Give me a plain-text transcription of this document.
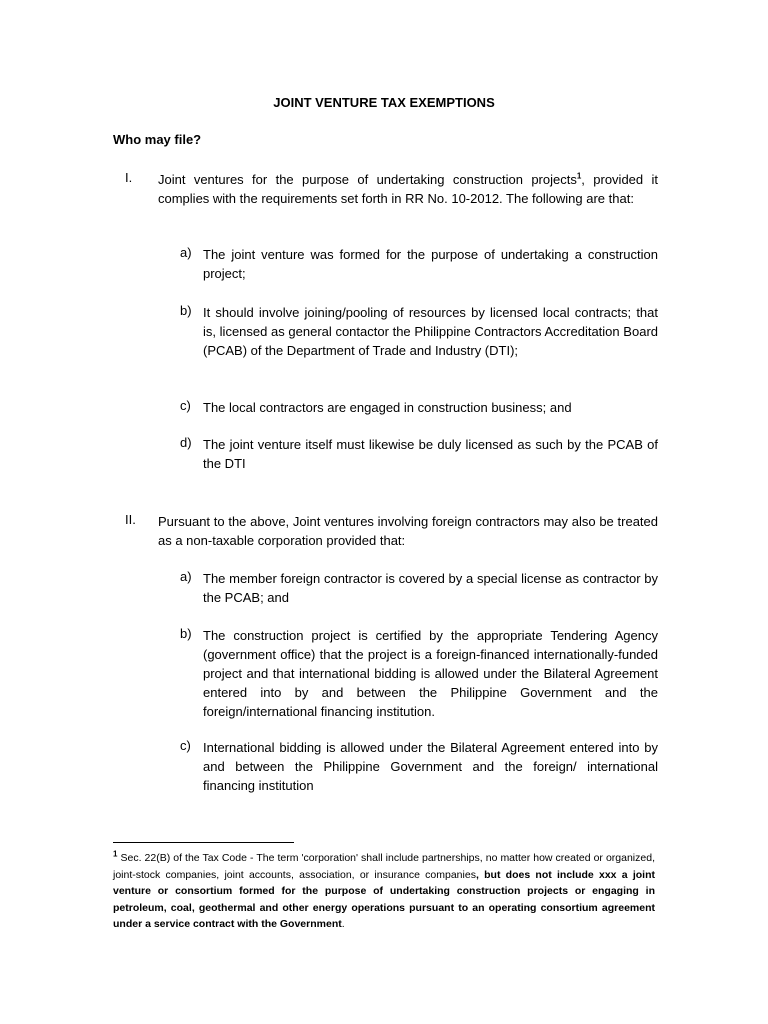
JOINT VENTURE TAX EXEMPTIONS
Who may file?
I. Joint ventures for the purpose of undertaking construction projects$^1$, provided it complies with the requirements set forth in RR No. 10-2012. The following are that:
a) The joint venture was formed for the purpose of undertaking a construction project;
b) It should involve joining/pooling of resources by licensed local contracts; that is, licensed as general contactor the Philippine Contractors Accreditation Board (PCAB) of the Department of Trade and Industry (DTI);
c) The local contractors are engaged in construction business; and
d) The joint venture itself must likewise be duly licensed as such by the PCAB of the DTI
II. Pursuant to the above, Joint ventures involving foreign contractors may also be treated as a non-taxable corporation provided that:
a) The member foreign contractor is covered by a special license as contractor by the PCAB; and
b) The construction project is certified by the appropriate Tendering Agency (government office) that the project is a foreign-financed internationally-funded project and that international bidding is allowed under the Bilateral Agreement entered into by and between the Philippine Government and the foreign/international financing institution.
c) International bidding is allowed under the Bilateral Agreement entered into by and between the Philippine Government and the foreign/ international financing institution
$^1$ Sec. 22(B) of the Tax Code - The term 'corporation' shall include partnerships, no matter how created or organized, joint-stock companies, joint accounts, association, or insurance companies, but does not include xxx a joint venture or consortium formed for the purpose of undertaking construction projects or engaging in petroleum, coal, geothermal and other energy operations pursuant to an operating consortium agreement under a service contract with the Government.
